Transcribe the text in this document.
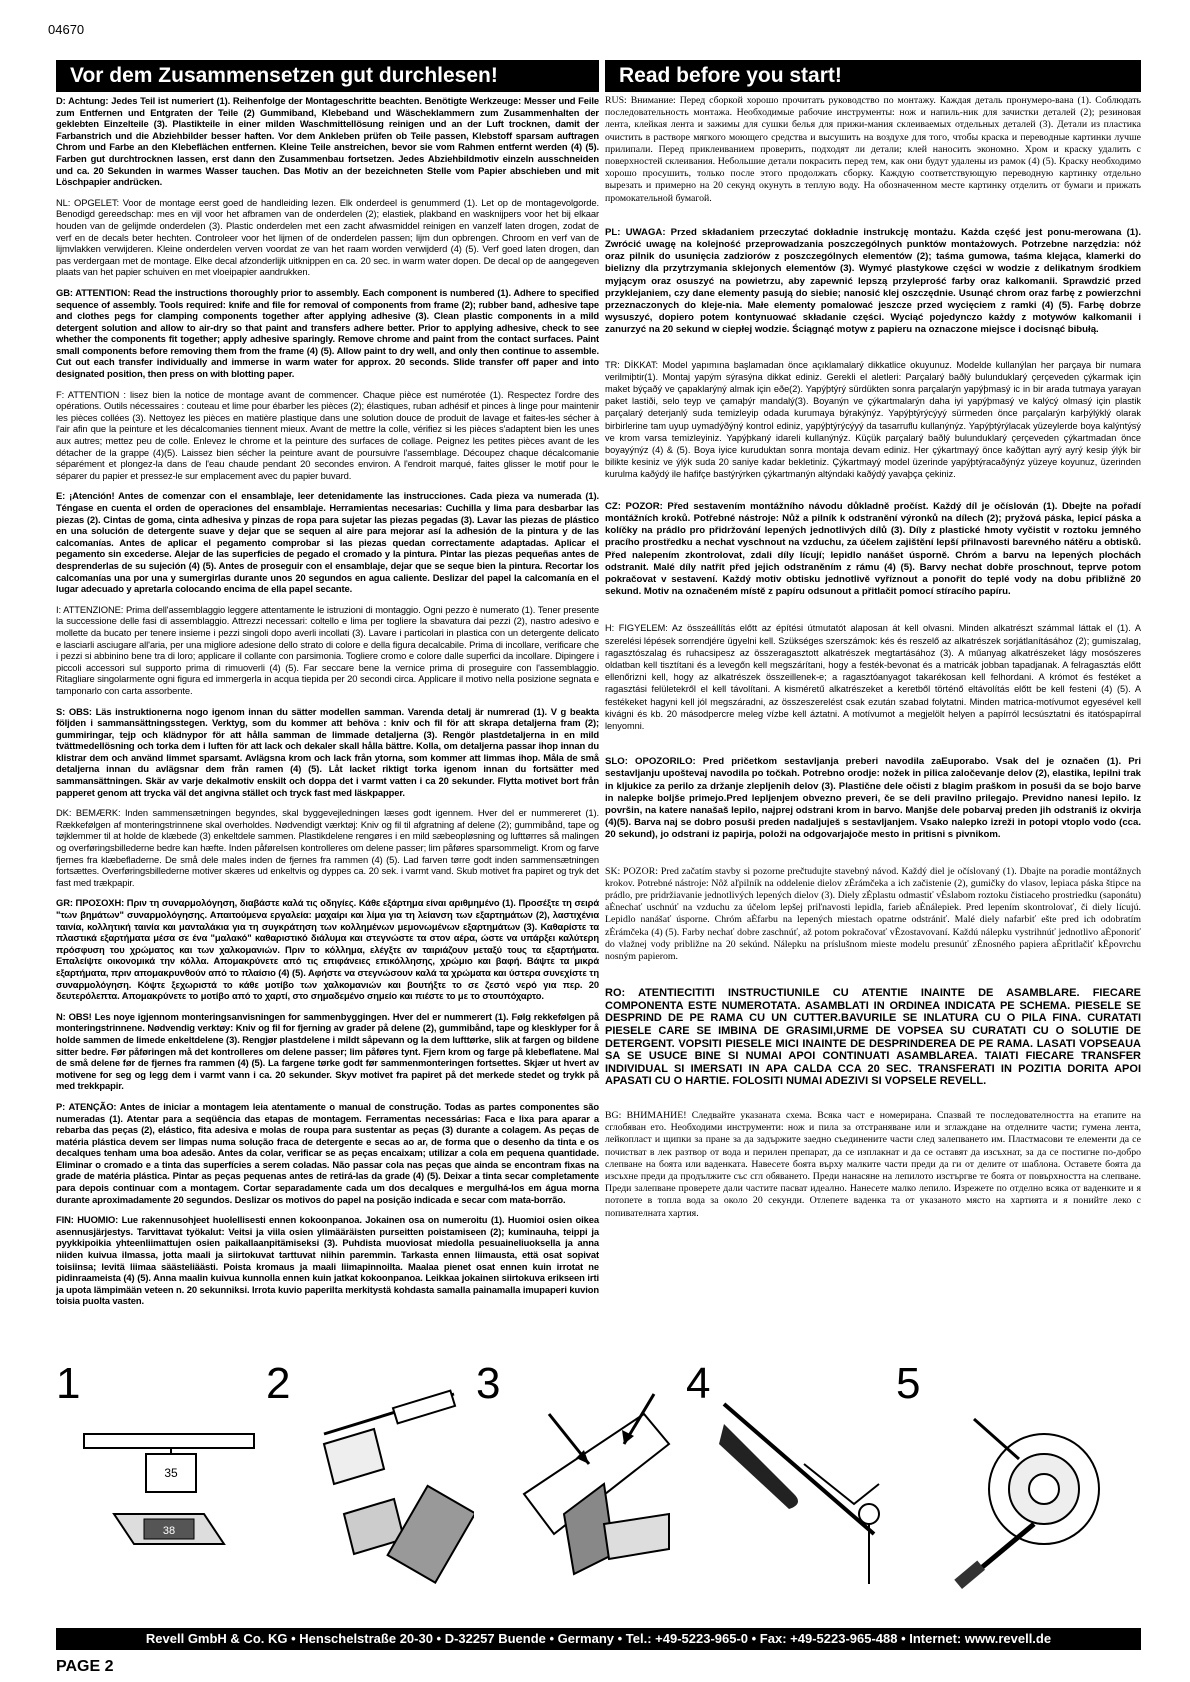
04670
Vor dem Zusammensetzen gut durchlesen!	Read before you start!

D: Achtung: Jedes Teil ist numeriert (1). Reihenfolge der Montageschritte beachten. Benötigte Werkzeuge: Messer und Feile zum Entfernen und Entgraten der Teile (2) Gummiband, Klebeband und Wäscheklammern zum Zusammenhalten der geklebten Einzelteile (3). Plastikteile in einer milden Waschmittellösung reinigen und an der Luft trocknen, damit der Farbanstrich und die Abziehbilder besser haften. Vor dem Ankleben prüfen ob Teile passen, Klebstoff sparsam auftragen Chrom und Farbe an den Klebeflächen entfernen. Kleine Teile anstreichen, bevor sie vom Rahmen entfernt werden (4) (5). Farben gut durchtrocknen lassen, erst dann den Zusammenbau fortsetzen. Jedes Abziehbildmotiv einzeln ausschneiden und ca. 20 Sekunden in warmes Wasser tauchen. Das Motiv an der bezeichneten Stelle vom Papier abschieben und mit Löschpapier andrücken.

NL: OPGELET: Voor de montage eerst goed de handleiding lezen. Elk onderdeel is genummerd (1). Let op de montagevolgorde. Benodigd gereedschap: mes en vijl voor het afbramen van de onderdelen (2); elastiek, plakband en wasknijpers voor het bij elkaar houden van de gelijmde onderdelen (3). Plastic onderdelen met een zacht afwasmiddel reinigen en vanzelf laten drogen, zodat de verf en de decals beter hechten. Controleer voor het lijmen of de onderdelen passen; lijm dun opbrengen. Chroom en verf van de lijmvlakken verwijderen. Kleine onderdelen verven voordat ze van het raam worden verwijderd (4) (5). Verf goed laten drogen, dan pas verdergaan met de montage. Elke decal afzonderlijk uitknippen en ca. 20 sec. in warm water dopen. De decal op de aangegeven plaats van het papier schuiven en met vloeipapier aandrukken.

GB: ATTENTION: Read the instructions thoroughly prior to assembly. Each component is numbered (1). Adhere to specified sequence of assembly. Tools required: knife and file for removal of components from frame (2); rubber band, adhesive tape and clothes pegs for clamping components together after applying adhesive (3). Clean plastic components in a mild detergent solution and allow to air-dry so that paint and transfers adhere better. Prior to applying adhesive, check to see whether the components fit together; apply adhesive sparingly. Remove chrome and paint from the contact surfaces. Paint small components before removing them from the frame (4) (5). Allow paint to dry well, and only then continue to assemble. Cut out each transfer individually and immerse in warm water for approx. 20 seconds. Slide transfer off paper and into designated position, then press on with blotting paper.

F: ATTENTION : lisez bien la notice de montage avant de commencer. Chaque pièce est numérotée (1). Respectez l'ordre des opérations. Outils nécessaires : couteau et lime pour ébarber les pièces (2); élastiques, ruban adhésif et pinces à linge pour maintenir les pièces collées (3). Nettoyez les pièces en matière plastique dans une solution douce de produit de lavage et faites-les sécher à l'air afin que la peinture et les décalcomanies tiennent mieux. Avant de mettre la colle, vérifiez si les pièces s'adaptent bien les unes aux autres; mettez peu de colle. Enlevez le chrome et la peinture des surfaces de collage. Peignez les petites pièces avant de les détacher de la grappe (4)(5). Laissez bien sécher la peinture avant de poursuivre l'assemblage. Découpez chaque décalcomanie séparément et plongez-la dans de l'eau chaude pendant 20 secondes environ. A l'endroit marqué, faites glisser le motif pour le séparer du papier et pressez-le sur emplacement avec du papier buvard.

E: ¡Atención! Antes de comenzar con el ensamblaje, leer detenidamente las instrucciones. Cada pieza va numerada (1). Téngase en cuenta el orden de operaciones del ensamblaje. Herramientas necesarias: Cuchilla y lima para desbarbar las piezas (2). Cintas de goma, cinta adhesiva y pinzas de ropa para sujetar las piezas pegadas (3). Lavar las piezas de plástico en una solución de detergente suave y dejar que se sequen al aire para mejorar así la adhesión de la pintura y de las calcomanías. Antes de aplicar el pegamento comprobar si las piezas quedan correctamente adaptadas. Aplicar el pegamento sin excederse. Alejar de las superficies de pegado el cromado y la pintura. Pintar las piezas pequeñas antes de desprenderlas de su sujeción (4) (5). Antes de proseguir con el ensamblaje, dejar que se seque bien la pintura. Recortar los calcomanías una por una y sumergirlas durante unos 20 segundos en agua caliente. Deslizar del papel la calcomanía en el lugar adecuado y apretarla colocando encima de ella papel secante.

I: ATTENZIONE: Prima dell'assemblaggio leggere attentamente le istruzioni di montaggio. Ogni pezzo è numerato (1). Tener presente la successione delle fasi di assemblaggio. Attrezzi necessari: coltello e lima per togliere la sbavatura dai pezzi (2), nastro adesivo e mollette da bucato per tenere insieme i pezzi singoli dopo averli incollati (3). Lavare i particolari in plastica con un detergente delicato e lasciarli asciugare all'aria, per una migliore adesione dello strato di colore e della figura decalcabile. Prima di incollare, verificare che i pezzi si abbinino bene tra di loro; applicare il collante con parsimonia. Togliere cromo e colore dalle superfici da incollare. Dipingere i piccoli accessori sul supporto prima di rimuoverli (4) (5). Far seccare bene la vernice prima di proseguire con l'assemblaggio. Ritagliare singolarmente ogni figura ed immergerla in acqua tiepida per 20 secondi circa. Applicare il motivo nella posizione segnata e tamponarlo con carta assorbente.

S: OBS: Läs instruktionerna nogo igenom innan du sätter modellen samman. Varenda detalj är numrerad (1). V g beakta följden i sammansättningsstegen. Verktyg, som du kommer att behöva : kniv och fil för att skrapa detaljerna fram (2); gummiringar, tejp och klädnypor för att hålla samman de limmade detaljerna (3). Rengör plastdetaljerna in en mild tvättmedellösning och torka dem i luften för att lack och dekaler skall hålla bättre. Kolla, om detaljerna passar ihop innan du klistrar dem och använd limmet sparsamt. Avlägsna krom och lack från ytorna, som kommer att limmas ihop. Måla de små detaljerna innan du avlägsnar dem från ramen (4) (5). Låt lacket riktigt torka igenom innan du fortsätter med sammansättningen. Skär av varje dekalmotiv enskilt och doppa det i varmt vatten i ca 20 sekunder. Flytta motivet bort från papperet genom att trycka väl det angivna stället och tryck fast med läskpapper.

DK: BEMÆRK: Inden sammensætningen begyndes, skal byggevejledningen læses godt igennem. Hver del er nummereret (1). Rækkefølgen af monteringstrinnene skal overholdes. Nødvendigt værktøj: Kniv og fil til afgratning af delene (2); gummibånd, tape og tøjklemmer til at holde de klæbede (3) enkeltdele sammen. Plastikdelene rengøres i en mild sæbeopløsning og lufttørres så malingen og overføringsbillederne bedre kan hæfte. Inden påføreIsen kontrolleres om delene passer; lim påføres sparsommeligt. Krom og farve fjernes fra klæbefladerne. De små dele males inden de fjernes fra rammen (4) (5). Lad farven tørre godt inden sammensætningen fortsættes. Overføringsbillederne motiver skæres ud enkeltvis og dyppes ca. 20 sek. i varmt vand. Skub motivet fra papiret og tryk det fast med trækpapir.

GR: ΠΡΟΣΟΧΗ: Πριν τη συναρμολόγηση, διαβάστε καλά τις οδηγίες. Κάθε εξάρτημα είναι αριθμημένο (1). Προσέξτε τη σειρά "των βημάτων" συναρμολόγησης. Απαιτούμενα εργαλεία: μαχαίρι και λίμα για τη λείανση των εξαρτημάτων (2), λαστιχένια ταινία, κολλητική ταινία και μανταλάκια για τη συγκράτηση των κολλημένων μεμονωμένων εξαρτημάτων (3). Καθαρίστε τα πλαστικά εξαρτήματα μέσα σε ένα "μαλακό" καθαριστικό διάλυμα και στεγνώστε τα στον αέρα, ώστε να υπάρξει καλύτερη πρόσφυση του χρώματος και των χαλκομανιών. Πριν το κόλλημα, ελέγξτε αν ταιριάζουν μεταξύ τους τα εξαρτήματα. Επαλείψτε οικονομικά την κόλλα. Απομακρύνετε από τις επιφάνειες επικόλλησης, χρώμιο και βαφή. Βάψτε τα μικρά εξαρτήματα, πριν απομακρυνθούν από το πλαίσιο (4) (5). Αφήστε να στεγνώσουν καλά τα χρώματα και ύστερα συνεχίστε τη συναρμολόγηση. Κόψτε ξεχωριστά το κάθε μοτίβο των χαλκομανιών και βουτήξτε το σε ζεστό νερό για περ. 20 δευτερόλεπτα. Απομακρύνετε το μοτίβο από το χαρτί, στο σημαδεμένο σημείο και πιέστε το με το στουπόχαρτο.

N: OBS! Les noye igjennom monteringsanvisningen for sammenbyggingen. Hver del er nummerert (1). Følg rekkefølgen på monteringstrinnene. Nødvendig verktøy: Kniv og fil for fjerning av grader på delene (2), gummibånd, tape og klesklyper for å holde sammen de limede enkeltdelene (3). Rengjør plastdelene i mildt såpevann og la dem lufttørke, slik at fargen og bildene sitter bedre. Før påføringen må det kontrolleres om delene passer; lim påføres tynt. Fjern krom og farge på klebeflatene. Mal de små delene før de fjernes fra rammen (4) (5). La fargene tørke godt før sammenmonteringen fortsettes. Skjær ut hvert av motivene for seg og legg dem i varmt vann i ca. 20 sekunder. Skyv motivet fra papiret på det merkede stedet og trykk på med trekkpapir.

P: ATENÇÃO: Antes de iniciar a montagem leia atentamente o manual de construção. Todas as partes componentes são numeradas (1). Atentar para a seqüência das etapas de montagem. Ferramentas necessárias: Faca e lixa para aparar a rebarba das peças (2), elástico, fita adesiva e molas de roupa para sustentar as peças (3) durante a colagem. As peças de matéria plástica devem ser limpas numa solução fraca de detergente e secas ao ar, de forma que o desenho da tinta e os decalques tenham uma boa adesão. Antes da colar, verificar se as peças encaixam; utilizar a cola em pequena quantidade. Eliminar o cromado e a tinta das superfícies a serem coladas. Não passar cola nas peças que ainda se encontram fixas na grade de matéria plástica. Pintar as peças pequenas antes de retirá-las da grade (4) (5). Deixar a tinta secar completamente para depois continuar com a montagem. Cortar separadamente cada um dos decalques e mergulhá-los em água morna durante aproximadamente 20 segundos. Deslizar os motivos do papel na posição indicada e secar com mata-borrão.

FIN: HUOMIO: Lue rakennusohjeet huolellisesti ennen kokoonpanoa. Jokainen osa on numeroitu (1). Huomioi osien oikea asennusjärjestys. Tarvittavat työkalut: Veitsi ja viila osien ylimääräisten purseitten poistamiseen (2); kuminauha, teippi ja pyykkipoikia yhteenliimattujen osien paikallaanpitämiseksi (3). Puhdista muoviosat miedolla pesuaineliuoksella ja anna niiden kuivua ilmassa, jotta maali ja siirtokuvat tarttuvat niihin paremmin. Tarkasta ennen liimausta, että osat sopivat toisiinsa; levitä liimaa säästeliäästi. Poista kromaus ja maali liimapinnoilta. Maalaa pienet osat ennen kuin irrotat ne pidinraameista (4) (5). Anna maalin kuivua kunnolla ennen kuin jatkat kokoonpanoa. Leikkaa jokainen siirtokuva erikseen irti ja upota lämpimään veteen n. 20 sekunniksi. Irrota kuvio paperilta merkitystä kohdasta samalla painamalla imupaperi kuvion toisia puolta vasten.

RUS: Внимание: Перед сборкой хорошо прочитать руководство по монтажу. Каждая деталь пронумеро-вана (1). Соблюдать последовательность монтажа. Необходимые рабочие инструменты: нож и напиль-ник для зачистки деталей (2); резиновая лента, клейкая лента и зажимы для сушки белья для прижи-мания склеиваемых отдельных деталей (3). Детали из пластика очистить в растворе мягкого моющего средства и высушить на воздухе для того, чтобы краска и переводные картинки лучше прилипали. Перед приклеиванием проверить, подходят ли детали; клей наносить экономно. Хром и краску удалить с поверхностей склеивания. Небольшие детали покрасить перед тем, как они будут удалены из рамок (4) (5). Краску необходимо хорошо просушить, только после этого продолжать сборку. Каждую соответствующую переводную картинку отдельно вырезать и примерно на 20 секунд окунуть в теплую воду. На обозначенном месте картинку отделить от бумаги и прижать промокательной бумагой.

PL: UWAGA: Przed składaniem przeczytać dokładnie instrukcję montażu. Każda część jest ponu-merowana (1). Zwrócić uwagę na kolejność przeprowadzania poszczególnych punktów montażowych. Potrzebne narzędzia: nóż oraz pilnik do usunięcia zadziorów z poszczególnych elementów (2); taśma gumowa, taśma klejąca, klamerki do bielizny dla przytrzymania sklejonych elementów (3). Wymyć plastykowe części w wodzie z delikatnym środkiem myjącym oraz osuszyć na powietrzu, aby zapewnić lepszą przyleprość farby oraz kalkomanii. Sprawdzić przed przyklejaniem, czy dane elementy pasują do siebie; nanosić klej oszczędnie. Usunąć chrom oraz farbę z powierzchni przeznaczonych do kleje-nia. Małe elementy pomalować jeszcze przed wycięciem z ramki (4) (5). Farbę dobrze wysuszyć, dopiero potem kontynuować składanie części. Wyciąć pojedynczo każdy z motywów kalkomanii i zanurzyć na 20 sekund w ciepłej wodzie. Ściągnąć motyw z papieru na oznaczone miejsce i docisnąć bibułą.

TR: DİKKAT: Model yapımına başlamadan önce açıklamalarý dikkatlice okuyunuz. Modelde kullanýlan her parçaya bir numara verilmiþtir(1). Montaj yapým sýrasýna dikkat ediniz. Gerekli el aletleri: Parçalarý baðlý bulunduklarý çerçeveden çýkarmak için maket býçaðý ve çapaklarýný almak için eðe(2). Yapýþtýrý sürdükten sonra parçalarýn yapýþmasý ic in bir arada tutmaya yarayan paket lastiði, selo teyp ve çamaþýr mandalý(3). Boyanýn ve çýkartmalarýn daha iyi yapýþmasý ve kalýcý olmasý için plastik parçalarý deterjanlý suda temizleyip odada kurumaya býrakýnýz. Yapýþtýrýcýyý sürmeden önce parçalarýn karþýlýklý olarak birbirlerine tam uyup uymadýðýný kontrol ediniz, yapýþtýrýcýyý da tasarruflu kullanýnýz. Yapýþtýrýlacak yüzeylerde boya kalýntýsý ve krom varsa temizleyiniz. Yapýþkaný idareli kullanýnýz. Küçük parçalarý baðlý bulunduklarý çerçeveden çýkartmadan önce boyayýnýz (4) & (5). Boya iyice kuruduktan sonra montaja devam ediniz. Her çýkartmayý önce kaðýttan ayrý ayrý kesip ýlýk bir bilikte kesiniz ve ýlýk suda 20 saniye kadar bekletiniz. Çýkartmayý model üzerinde yapýþtýracaðýnýz yüzeye koyunuz, üzerinden kurulma kaðýdý ile hafifçe bastýrýrken çýkartmanýn altýndaki kaðýdý yavaþça çekiniz.

CZ: POZOR: Před sestavením montážního návodu důkladně pročíst. Každý díl je očíslován (1). Dbejte na pořadí montážních kroků. Potřebné nástroje: Nůž a pilník k odstranění výronků na dílech (2); pryžová páska, lepicí páska a kolíčky na prádlo pro přidržování lepených jednotlivých dílů (3). Díly z plastické hmoty vyčistit v roztoku jemného pracího prostředku a nechat vyschnout na vzduchu, za účelem zajištění lepší přilnavosti barevného nátěru a obtisků. Před nalepením zkontrolovat, zdali díly lícují; lepidlo nanášet úsporně. Chróm a barvu na lepených plochách odstranit. Malé díly natřít před jejich odstraněním z rámu (4) (5). Barvy nechat dobře proschnout, teprve potom pokračovat v sestavení. Každý motiv obtisku jednotlivě vyříznout a ponořit do teplé vody na dobu přibližně 20 sekund. Motiv na označeném místě z papíru odsunout a přitlačit pomocí stíracího papíru.

H: FIGYELEM: Az összeállítás előtt az építési útmutatót alaposan át kell olvasni. Minden alkatrészt számmal láttak el (1). A szerelési lépések sorrendjére ügyelni kell. Szükséges szerszámok: kés és reszelő az alkatrészek sorjátlanításához (2); gumiszalag, ragasztószalag és ruhacsipesz az összeragasztott alkatrészek megtartásához (3). A műanyag alkatrészeket lágy mosószeres oldatban kell tisztítani és a levegőn kell megszárítani, hogy a festék-bevonat és a matricák jobban tapadjanak. A felragasztás előtt ellenőrizni kell, hogy az alkatrészek összeillenek-e; a ragasztóanyagot takarékosan kell felhordani. A krómot és festéket a ragasztási felületekről el kell távolítani. A kisméretű alkatrészeket a keretből történő eltávolítás előtt be kell festeni (4) (5). A festékeket hagyni kell jól megszáradni, az összeszerelést csak ezután szabad folytatni. Minden matrica-motívumot egyesével kell kivágni és kb. 20 másodpercre meleg vízbe kell áztatni. A motívumot a megjelölt helyen a papírról lecsúsztatni és itatóspapírral lenyomni.

SLO: OPOZORILO: Pred pričetkom sestavljanja preberi navodila zaЕuporabo. Vsak del je označen (1). Pri sestavljanju upoštevaj navodila po točkah. Potrebno orodje: nožek in pilica zaločevanje delov (2), elastika, lepilni trak in kljukice za perilo za držanje zlepljenih delov (3). Plastične dele očisti z blagim praškom in posuši da se bojo barve in nalepke boljše primejo.Pred lepljenjem obvezno preveri, če se deli pravilno prilegajo. Previdno nanesi lepilo. Iz površin, na katere nanašaš lepilo, najprej odstrani krom in barvo. Manjše dele pobarvaj preden jih odstraniš iz okvirja (4)(5). Barva naj se dobro posuši preden nadaljuješ s sestavljanjem. Vsako nalepko izreži in potopi vtoplo vodo (cca. 20 sekund), jo odstrani iz papirja, položi na odgovarjajoče mesto in pritisni s pivnikom.

SK: POZOR: Pred začatím stavby si pozorne prečtudujte stavebný návod. Každý diel je očíslovaný (1). Dbajte na poradie montážnych krokov. Potrebné nástroje: Nôž aľpilník na oddelenie dielov zĖrámčeka a ich začistenie (2), gumičky do vlasov, lepiaca páska štipce na prádlo, pre pridržiavanie jednotlivých lepených dielov (3). Diely zĖplastu odmastiť vĖslabom roztoku čistiaceho prostriedku (saponátu) aĖnechať uschnúť na vzduchu za účelom lepšej priľnavosti lepidla, farieb aĖnálepiek. Pred lepením skontrolovať, či diely lícujú. Lepidlo nanášať úsporne. Chróm aĖfarbu na lepených miestach opatrne odstrániť. Malé diely nafarbiť ešte pred ich odobratím zĖrámčeka (4) (5). Farby nechať dobre zaschnúť, až potom pokračovať vĖzostavovaní. Každú nálepku vystrihnúť jednotlivo aĖponoriť do vlažnej vody približne na 20 sekúnd. Nálepku na príslušnom mieste modelu presunúť zĖnosného papiera aĖpritlačiť kĖpovrchu nosným papierom.

RO: ATENTIECITITI INSTRUCTIUNILE CU ATENTIE INAINTE DE ASAMBLARE. FIECARE COMPONENTA ESTE NUMEROTATA. ASAMBLATI IN ORDINEA INDICATA PE SCHEMA. PIESELE SE DESPRIND DE PE RAMA CU UN CUTTER.BAVURILE SE INLATURA CU O PILA FINA. CURATATI PIESELE CARE SE IMBINA DE GRASIMI,URME DE VOPSEA SU CURATATI CU O SOLUTIE DE DETERGENT. VOPSITI PIESELE MICI INAINTE DE DESPRINDEREA DE PE RAMA. LASATI VOPSEAUA SA SE USUCE BINE SI NUMAI APOI CONTINUATI ASAMBLAREA. TAIATI FIECARE TRANSFER INDIVIDUAL SI IMERSATI IN APA CALDA CCA 20 SEC. TRANSFERATI IN POZITIA DORITA APOI APASATI CU O HARTIE. FOLOSITI NUMAI ADEZIVI SI VOPSELE REVELL.

BG: ВНИМАНИЕ! Следвайте указаната схема. Всяка част е номерирана. Спазвай те последователността на етапите на сглобяван ето. Необходими инструменти: нож и пила за отстраняване или и зглаждане на отделните части; гумена лента, лейкопласт и щипки за пране за да задържите заедно съединените части след залепването им. Пластмасови те елементи да се почистват в лек разтвор от вода и перилен препарат, да се изплакнат и да се оставят да изсъхнат, за да се постигне по-добро слепване на боята или ваденката. Навесете боята върху малките части преди да ги от делите от шаблона. Оставете боята да изсъхне преди да продължите със сгл обяването. Преди нанасяне на лепилото изстъргве те боята от повърхността на слепване. Преди залепване проверете дали частите пасват идеално. Нанесете малко лепило. Изрежете по отделно всяка от ваденките и я потопете в топла вода за около 20 секунди. Отлепете ваденка та от указаното място на хартията и я понийте леко с попивателната хартия.

1
35
38
2	3	4	5
Revell GmbH & Co. KG • Henschelstraße 20-30 • D-32257 Buende • Germany • Tel.: +49-5223-965-0 • Fax: +49-5223-965-488 • Internet: www.revell.de
PAGE 2
